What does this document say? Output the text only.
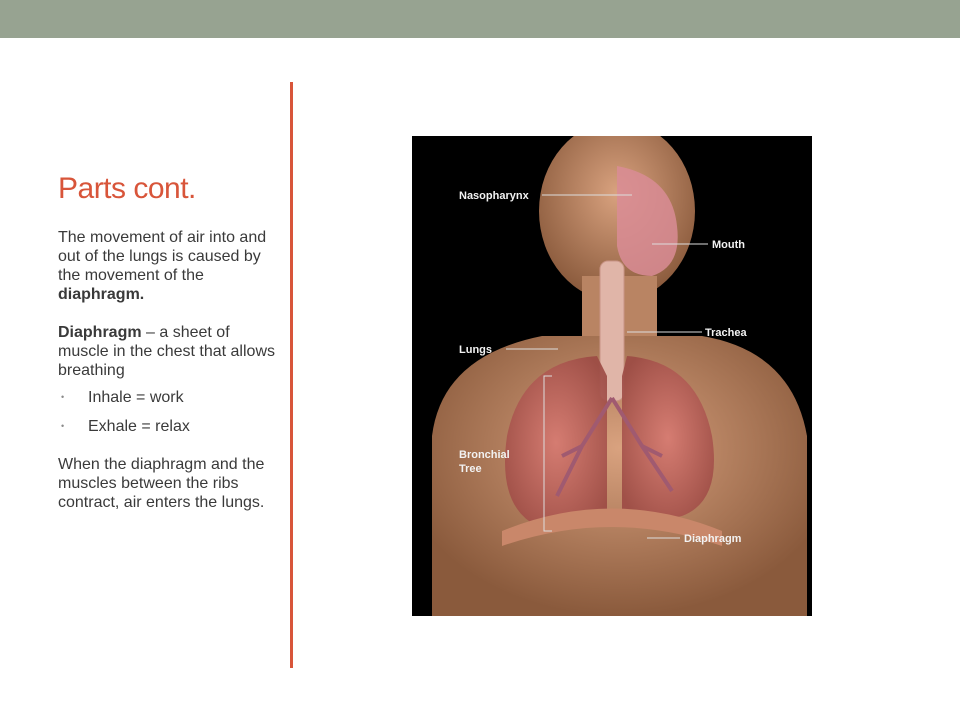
Parts cont.

The movement of air into and out of the lungs is caused by the movement of the diaphragm.

Diaphragm – a sheet of muscle in the chest that allows breathing

• Inhale = work
• Exhale = relax

When the diaphragm and the muscles between the ribs contract, air enters the lungs.

Nasopharynx
Mouth
Trachea
Lungs
Bronchial
Tree
Diaphragm
